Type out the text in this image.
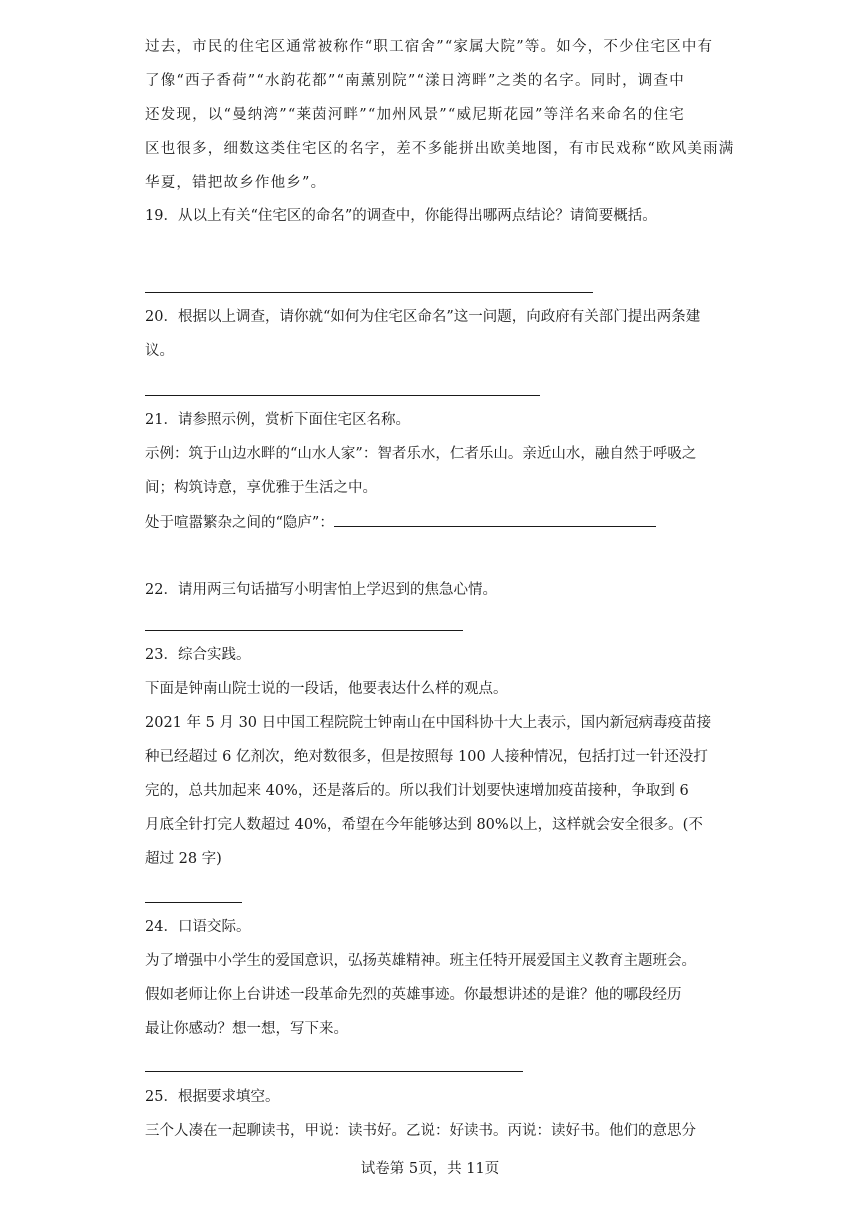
过去，市民的住宅区通常被称作“职工宿舍”“家属大院”等。如今，不少住宅区中有
了像“西子香荷”“水韵花都”“南薰别院”“漾日湾畔”之类的名字。同时，调查中
还发现，以“曼纳湾”“莱茵河畔”“加州风景”“威尼斯花园”等洋名来命名的住宅
区也很多，细数这类住宅区的名字，差不多能拼出欧美地图，有市民戏称“欧风美雨满
华夏，错把故乡作他乡”。
19．从以上有关“住宅区的命名”的调查中，你能得出哪两点结论？请简要概括。
20．根据以上调查，请你就“如何为住宅区命名”这一问题，向政府有关部门提出两条建
议。
21．请参照示例，赏析下面住宅区名称。
示例：筑于山边水畔的“山水人家”：智者乐水，仁者乐山。亲近山水，融自然于呼吸之
间；构筑诗意，享优雅于生活之中。
处于喧嚣繁杂之间的“隐庐”：
22．请用两三句话描写小明害怕上学迟到的焦急心情。
23．综合实践。
下面是钟南山院士说的一段话，他要表达什么样的观点。
2021 年 5 月 30 日中国工程院院士钟南山在中国科协十大上表示，国内新冠病毒疫苗接
种已经超过 6 亿剂次，绝对数很多，但是按照每 100 人接种情况，包括打过一针还没打
完的，总共加起来 40%，还是落后的。所以我们计划要快速增加疫苗接种，争取到 6
月底全针打完人数超过 40%，希望在今年能够达到 80%以上，这样就会安全很多。(不
超过 28 字)
24．口语交际。
为了增强中小学生的爱国意识，弘扬英雄精神。班主任特开展爱国主义教育主题班会。
假如老师让你上台讲述一段革命先烈的英雄事迹。你最想讲述的是谁？他的哪段经历
最让你感动？想一想，写下来。
25．根据要求填空。
三个人凑在一起聊读书，甲说：读书好。乙说：好读书。丙说：读好书。他们的意思分
试卷第 5页，共 11页
